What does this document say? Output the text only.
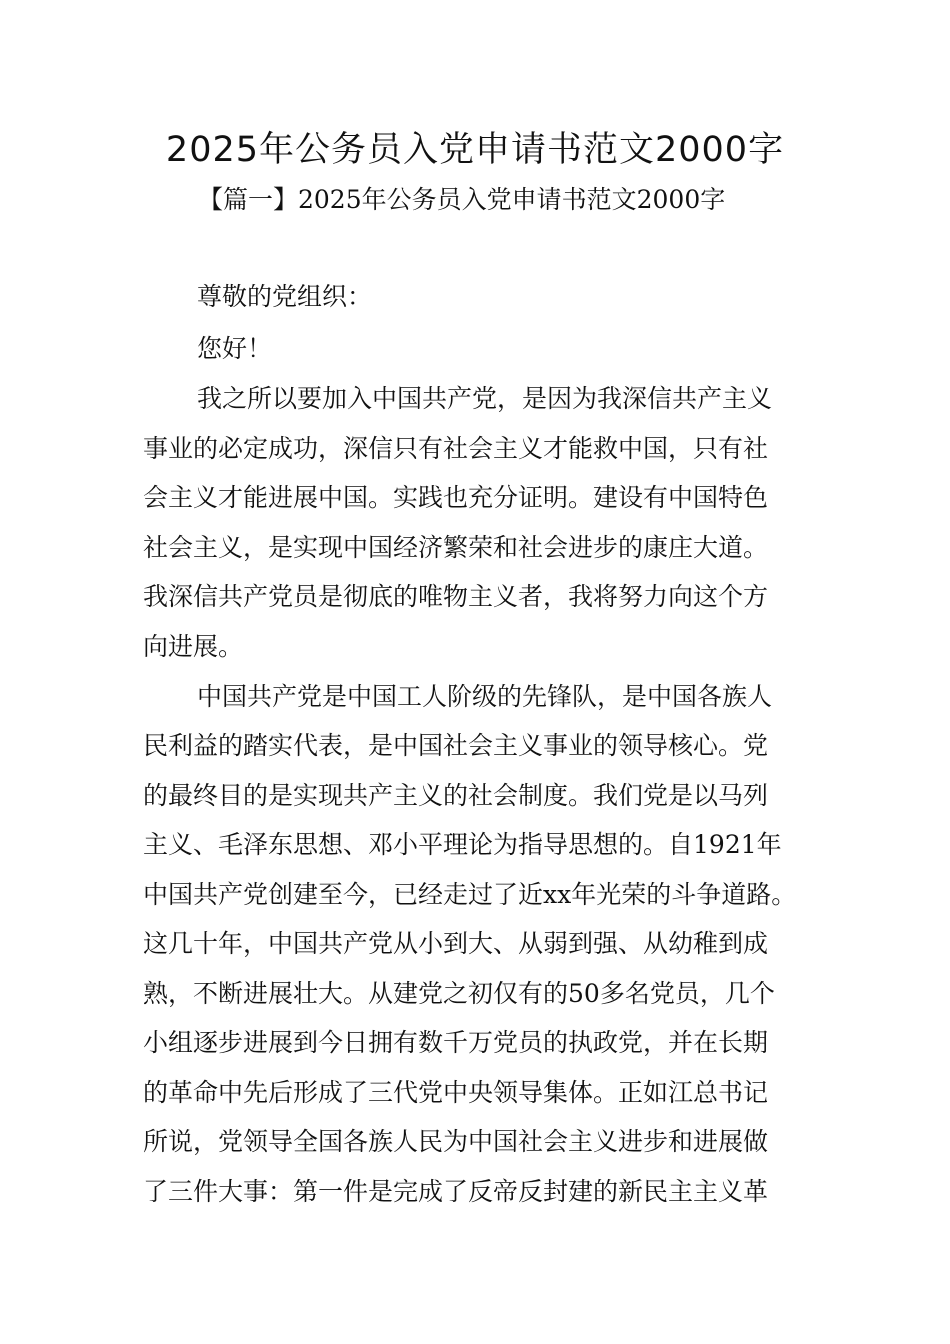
2025年公务员入党申请书范文2000字
【篇一】2025年公务员入党申请书范文2000字
尊敬的党组织：
您好！
我之所以要加入中国共产党，是因为我深信共产主义
事业的必定成功，深信只有社会主义才能救中国，只有社
会主义才能进展中国。实践也充分证明。建设有中国特色
社会主义，是实现中国经济繁荣和社会进步的康庄大道。
我深信共产党员是彻底的唯物主义者，我将努力向这个方
向进展。
中国共产党是中国工人阶级的先锋队，是中国各族人
民利益的踏实代表，是中国社会主义事业的领导核心。党
的最终目的是实现共产主义的社会制度。我们党是以马列
主义、毛泽东思想、邓小平理论为指导思想的。自1921年
中国共产党创建至今，已经走过了近xx年光荣的斗争道路。
这几十年，中国共产党从小到大、从弱到强、从幼稚到成
熟，不断进展壮大。从建党之初仅有的50多名党员，几个
小组逐步进展到今日拥有数千万党员的执政党，并在长期
的革命中先后形成了三代党中央领导集体。正如江总书记
所说，党领导全国各族人民为中国社会主义进步和进展做
了三件大事：第一件是完成了反帝反封建的新民主主义革
